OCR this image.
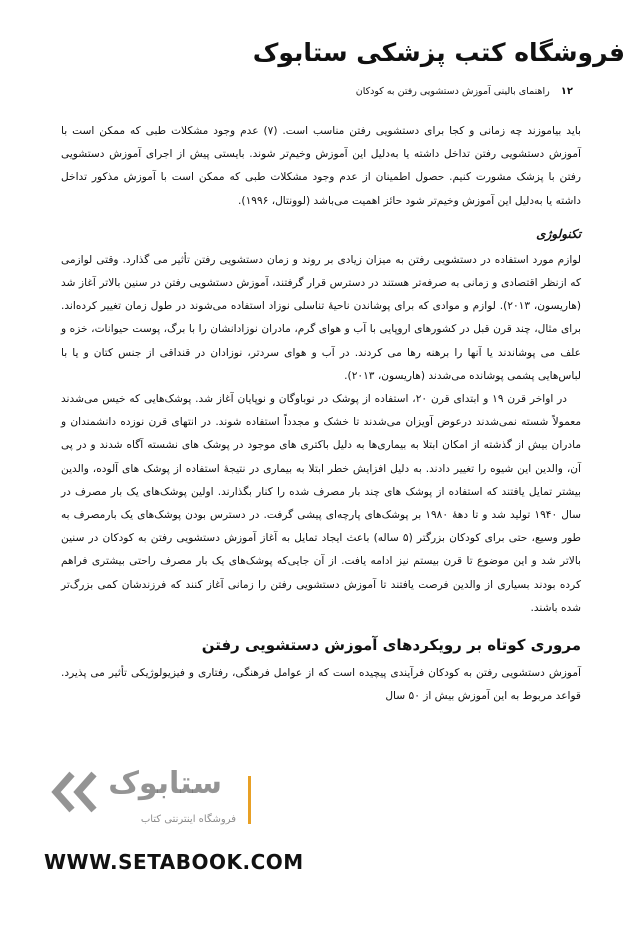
فروشگاه کتب پزشکی ستابوک
۱۲ راهنمای بالینی آموزش دستشویی رفتن به کودکان

باید بیاموزند چه زمانی و کجا برای دستشویی رفتن مناسب است. (۷) عدم وجود مشکلات طبی که ممکن است با آموزش دستشویی رفتن تداخل داشته یا به‌دلیل این آموزش وخیم‌تر شوند. بایستی پیش از اجرای آموزش دستشویی رفتن با پزشک مشورت کنیم. حصول اطمینان از عدم وجود مشکلات طبی که ممکن است با آموزش مذکور تداخل داشته یا به‌دلیل این آموزش وخیم‌تر شود حائز اهمیت می‌باشد (لوونتال، ۱۹۹۶).

تکنولوژی

لوازم مورد استفاده در دستشویی رفتن به میزان زیادی بر روند و زمان دستشویی رفتن تأثیر می گذارد. وقتی لوازمی که ازنظر اقتصادی و زمانی به صرفه‌تر هستند در دسترس قرار گرفتند، آموزش دستشویی رفتن در سنین بالاتر آغاز شد (هاریسون، ۲۰۱۳). لوازم و موادی که برای پوشاندن ناحیهٔ تناسلی نوزاد استفاده می‌شوند در طول زمان تغییر کرده‌اند. برای مثال، چند قرن قبل در کشورهای اروپایی با آب و هوای گرم، مادران نوزادانشان را با برگ، پوست حیوانات، خزه و علف می پوشاندند یا آنها را برهنه رها می کردند. در آب و هوای سردتر، نوزادان در قنداقی از جنس کتان و یا با لباس‌هایی پشمی پوشانده می‌شدند (هاریسون، ۲۰۱۳).

در اواخر قرن ۱۹ و ابتدای قرن ۲۰، استفاده از پوشک در نوباوگان و نوپایان آغاز شد. پوشک‌هایی که خیس می‌شدند معمولاً شسته نمی‌شدند درعوض آویزان می‌شدند تا خشک و مجدداً استفاده شوند. در انتهای قرن نوزده دانشمندان و مادران بیش از گذشته از امکان ابتلا به بیماری‌ها به دلیل باکتری های موجود در پوشک های نشسته آگاه شدند و در پی آن، والدین این شیوه را تغییر دادند. به دلیل افزایش خطر ابتلا به بیماری در نتیجهٔ استفاده از پوشک های آلوده، والدین بیشتر تمایل یافتند که استفاده از پوشک های چند بار مصرف شده را کنار بگذارند. اولین پوشک‌های یک بار مصرف در سال ۱۹۴۰ تولید شد و تا دههٔ ۱۹۸۰ بر پوشک‌های پارچه‌ای پیشی گرفت. در دسترس بودن پوشک‌های یک بارمصرف به طور وسیع، حتی برای کودکان بزرگتر (۵ ساله) باعث ایجاد تمایل به آغاز آموزش دستشویی رفتن به کودکان در سنین بالاتر شد و این موضوع تا قرن بیستم نیز ادامه یافت. از آن جایی‌که پوشک‌های یک بار مصرف راحتی بیشتری فراهم کرده بودند بسیاری از والدین فرصت یافتند تا آموزش دستشویی رفتن را زمانی آغاز کنند که فرزندشان کمی بزرگ‌تر شده باشند.

مروری کوتاه بر رویکردهای آموزش دستشویی رفتن

آموزش دستشویی رفتن به کودکان فرآیندی پیچیده است که از عوامل فرهنگی، رفتاری و فیزیولوژیکی تأثیر می پذیرد. قواعد مربوط به این آموزش بیش از ۵۰ سال

ستابوک
فروشگاه اینترنتی کتاب
WWW.SETABOOK.COM
